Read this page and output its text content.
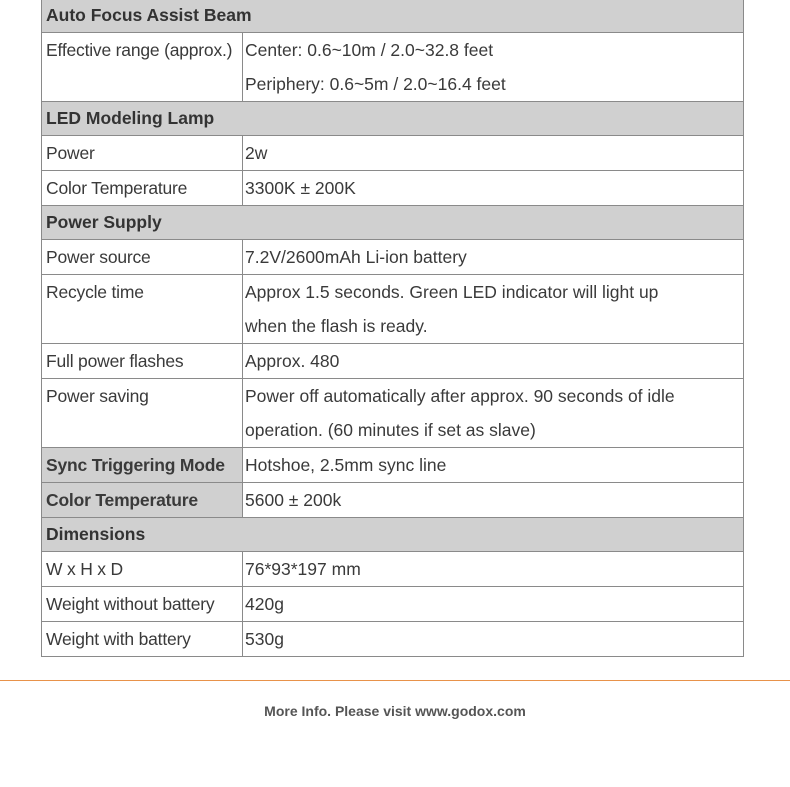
Auto Focus Assist Beam	
Effective range (approx.)	Center: 0.6~10m / 2.0~32.8 feet
Periphery: 0.6~5m / 2.0~16.4 feet

LED Modeling Lamp	
Power	2w
Color Temperature	3300K ± 200K
Power Supply	
Power source	7.2V/2600mAh Li-ion battery
Recycle time	Approx 1.5 seconds. Green LED indicator will light up
when the flash is ready.

Full power flashes	Approx. 480
Power saving	Power off automatically after approx. 90 seconds of idle
operation. (60 minutes if set as slave)

Sync Triggering Mode	Hotshoe, 2.5mm sync line
Color Temperature	5600 ± 200k
Dimensions	
W x H x D	76*93*197 mm
Weight without battery	420g
Weight with battery	530g
More Info. Please visit www.godox.com
